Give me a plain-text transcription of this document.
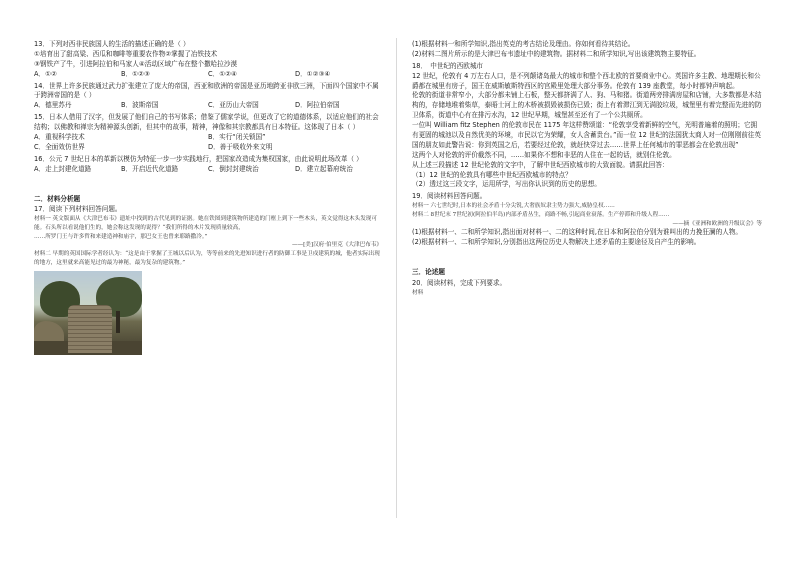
13．下列对西非民族国人的生活的描述正确的是（ ）

①培育出了甜高粱、西瓜和咖啡等重要农作物②掌握了冶铁技术

③钢铁产了牛，引进阿拉伯和马家人④活动区域广布在整个撒哈拉沙漠

A．①②	B．①②③	C．①②④	D．①②③④

14．世界上许多民族通过武力扩张建立了庞大的帝国，西亚和欧洲的帝国是亚历地跨亚非欧三洲，下面四个国家中不属于跨洲帝国的是（ ）

A．德里苏丹	B．波斯帝国	C．亚历山大帝国	D．阿拉伯帝国

15．日本人借用了汉字，但发展了他们自己的书写体系；借鉴了儒家学说，但更改了它的道德体系，以适应他们的社会结构；以佛教和禅宗为精神源头创新，但其中的故事，精神，神像和其宗教都具有日本特征。这体现了日本（ ）

A．重视科学技术	B．实行“闭关锁国”
C．全面效仿世界	D．善于吸收外来文明

16．公元 7 世纪日本的革新以模仿为特征一步一步实践地行，把国家改造成为集权国家，由此说明此场改革（ ）

A．走上封建化道路	B．开启近代化道路	C．倒封封建统治	D．建立起幕府统治

二．材料分析题

17．阅读下列材料回答问题。

材料一 英文版面从《大津巴布韦》遗址中找到的古代见到的证据。她在铁图到建筑物所建造的门框上到下一些木头，英文觉得这木头发现可能。石头所以看说他们生的，她会称这发现的说得？“我们所得的木片发现质量较高，

……所罗门王与许多哲和来建造神和庙宇，那巴女王也曾来耶路撒冷。”

——[美]汉府·伯里克《大津巴布韦》

材料二 早期的英国国际学者经认为：“这是由于掌握了王城以后认为，等等前来的先进知识进行者的防御工事是卫戍建筑的城，他者实际出现的地方，这里就来高能见过的最为神秘，最为复杂的建筑物。”

(1)根据材料一和所学知识,指出英克的考古结论及理由。你如何看待其结论。

(2)材料二图片所示的是大津巴布韦遗址中的建筑物。据材料二和所学知识,写出该建筑物主要特征。

18．　中世纪的西欧城市

12 世纪，伦敦有 4 万左右人口，是不列颠诸岛最大的城市和整个西北欧的首要商业中心。英国许多主教、地理期长和公爵都在城里有房子，国王在威斯敏斯特西区的宫殿里处理大部分事务。伦敦有 139 座教堂，每小时都钟声响起。

伦敦的街道非常窄小，大部分都未铺上石板，整天都挤满了人、狗、马和猪。街道两旁排满房屋和店铺，大多数都是木结构的，存储地堆着柴草，泰晤士河上的木桥被损毁被损伤已毁；街上有着滞江到无满胶垃圾，城堡里有着完整而先进的防卫体系，街道中心有在排污水沟，12 世纪早期，城堡甚至还有了一个公共厕所。

一位叫 William fitz Stephen 的伦敦市民在 1175 年这样赞颂道：“伦敦享受着新鲜的空气，光明普遍着的照明；它拥有更固的城池以及自然优美的环境，市民以它为荣耀，女人含蓄贵台。”而一位 12 世纪的法国犹太商人对一位刚刚前往英国的朋友如此警告说：你到英国之后，若要经过伦敦，就赶快穿过去……世界上任何城市的罪恶都会在伦敦出现”

这两个人对伦敦的评价截然不同，……如果你不想和非恶的人住在一起的话，就别住伦敦。

从上述三段描述 12 世纪伦敦的文字中，了解中世纪西欧城市的大致面貌。请据此回答：

（1）12 世纪的伦敦具有哪些中世纪西欧城市的特点？

（2）透过这三段文字，运用所学，写出你认识到的历史的思想。

19．阅读材料回答问题。

材料一 六七世纪时,日本的社会矛盾十分尖锐,大奢族奴隶主势力强大,威胁皇权……

材料二 8世纪末 7世纪初(阿拉伯半岛)内部矛盾丛生，商路不畅,引起商业衰落。生产停滞和升级人程……

——摘《亚洲和欧洲的升级议会》等

(1)根据材料一、二和所学知识,指出面对材料一、二的这种时间,在日本和阿拉伯分别为谁叫出的力挽狂澜的人物。

(2)根据材料一、二和所学知识,分别指出这两位历史人物解决上述矛盾的主要途径及自产生的影响。

三．论述题

20．阅读材料，完成下列要求。

材料
